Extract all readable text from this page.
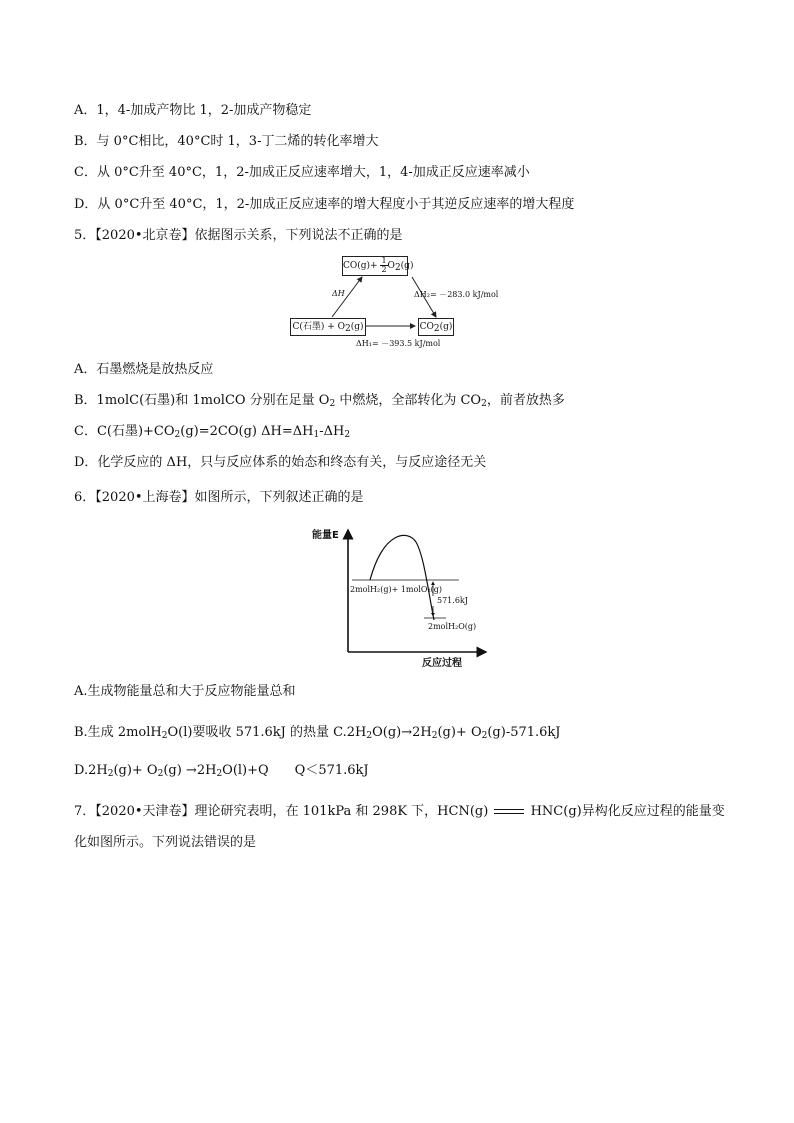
A．1，4-加成产物比 1，2-加成产物稳定
B．与 0°C相比，40°C时 1，3-丁二烯的转化率增大
C．从 0°C升至 40°C，1，2-加成正反应速率增大，1，4-加成正反应速率减小
D．从 0°C升至 40°C，1，2-加成正反应速率的增大程度小于其逆反应速率的增大程度
5．【2020•北京卷】依据图示关系，下列说法不正确的是
$CO(g)+ \frac{1}{2} O_2(g)$
C(石墨) + $O_2(g)$	$CO_2(g)$
ΔH	ΔH₂= －283.0 kJ/mol
ΔH₁= －393.5 kJ/mol
A．石墨燃烧是放热反应
B．1molC(石墨)和 1molCO 分别在足量 $O_2$ 中燃烧，全部转化为 $CO_2$，前者放热多
C．C(石墨)$+CO_2(g)=2CO(g)$ $\Delta H=\Delta H_1-\Delta H_2$
D．化学反应的 ΔH，只与反应体系的始态和终态有关，与反应途径无关
6．【2020•上海卷】如图所示，下列叙述正确的是
能量E
反应过程
2molH₂(g)+ 1molO₂(g)
571.6kJ
2molH₂O(g)
A.生成物能量总和大于反应物能量总和
B.生成 2molH$_2$O(l)要吸收 571.6kJ 的热量 $C.2H_2O(g)\to 2H_2(g)+ O_2(g)-571.6kJ$
$D.2H_2(g)+ O_2(g) \to 2H_2O(l)+Q$　　Q＜571.6kJ
7．【2020•天津卷】理论研究表明，在 101kPa 和 298K 下，HCN(g)	HNC(g)异构化反应过程的能量变
化如图所示。下列说法错误的是
